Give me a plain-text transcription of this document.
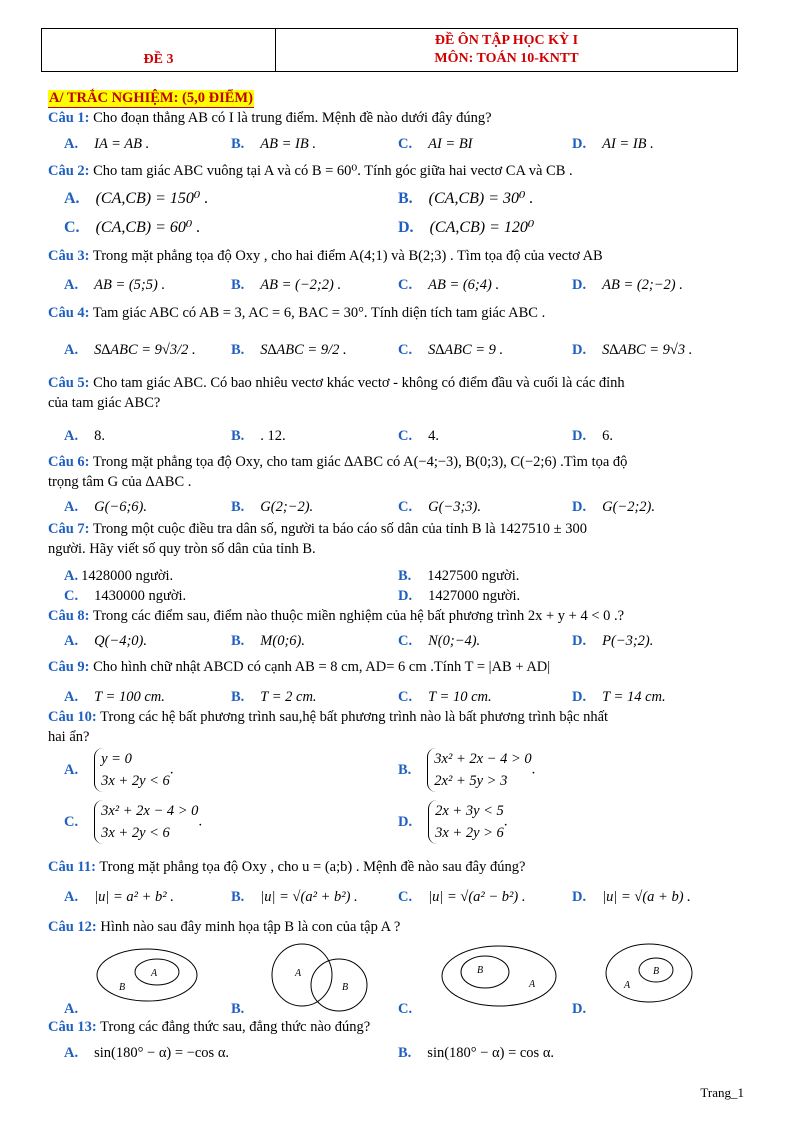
ĐỀ 3
ĐỀ ÔN TẬP HỌC KỲ I
MÔN: TOÁN 10-KNTT
A/ TRẮC NGHIỆM: (5,0 ĐIỂM)
Câu 1: Cho đoạn thẳng AB có I là trung điểm. Mệnh đề nào dưới đây đúng?
A. IA = AB .	B. AB = IB .	C. AI = BI	D. AI = IB .
Câu 2: Cho tam giác ABC vuông tại A và có B = 60⁰. Tính góc giữa hai vectơ CA và CB .
A. (CA,CB) = 150⁰ .	B. (CA,CB) = 30⁰ .
C. (CA,CB) = 60⁰ .	D. (CA,CB) = 120⁰
Câu 3: Trong mặt phẳng tọa độ Oxy , cho hai điểm A(4;1) và B(2;3) . Tìm tọa độ của vectơ AB
A. AB = (5;5) .	B. AB = (−2;2) .	C. AB = (6;4) .	D. AB = (2;−2) .
Câu 4: Tam giác ABC có AB = 3, AC = 6, BAC = 30°. Tính diện tích tam giác ABC .
A. S∆ABC = 9√3/2 . B. S∆ABC = 9/2 .	C. S∆ABC = 9 .	D. S∆ABC = 9√3 .
Câu 5: Cho tam giác ABC. Có bao nhiêu vectơ khác vectơ - không có điểm đầu và cuối là các đỉnh
của tam giác ABC?
A. 8.	B. . 12.	C. 4.	D. 6.
Câu 6: Trong mặt phẳng tọa độ Oxy, cho tam giác ∆ABC có A(−4;−3), B(0;3), C(−2;6) .Tìm tọa độ
trọng tâm G của ∆ABC .
A. G(−6;6).	B. G(2;−2).	C. G(−3;3).	D. G(−2;2).
Câu 7: Trong một cuộc điều tra dân số, người ta báo cáo số dân của tỉnh B là 1427510 ± 300
người. Hãy viết số quy tròn số dân của tỉnh B.
A. 1428000 người.	B. 1427500 người.
C. 1430000 người.	D. 1427000 người.
Câu 8: Trong các điểm sau, điểm nào thuộc miền nghiệm của hệ bất phương trình 2x + y + 4 < 0 .?
A. Q(−4;0).	B. M(0;6).	C. N(0;−4).	D. P(−3;2).
Câu 9: Cho hình chữ nhật ABCD có cạnh AB = 8 cm, AD= 6 cm .Tính T = |AB + AD|
A. T = 100 cm.	B. T = 2 cm.	C. T = 10 cm.	D. T = 14 cm.
Câu 10: Trong các hệ bất phương trình sau,hệ bất phương trình nào là bất phương trình bậc nhất
hai ẩn?
A.y = 0
3x + 2y < 6.	B.3x² + 2x − 4 > 0
2x² + 5y > 3.
C.3x² + 2x − 4 > 0
3x + 2y < 6.	D.2x + 3y < 5
3x + 2y > 6.
Câu 11: Trong mặt phẳng tọa độ Oxy , cho u = (a;b) . Mệnh đề nào sau đây đúng?
A. |u| = a² + b² .	B. |u| = √(a² + b²) .	C. |u| = √(a² − b²) .	D. |u| = √(a + b) .
Câu 12: Hình nào sau đây minh họa tập B là con của tập A ?
A
B
A
B
B
A
B
A
A.	B.	C.	D.
Câu 13: Trong các đẳng thức sau, đẳng thức nào đúng?
A. sin(180° − α) = −cos α.	B. sin(180° − α) = cos α.
Trang_1
